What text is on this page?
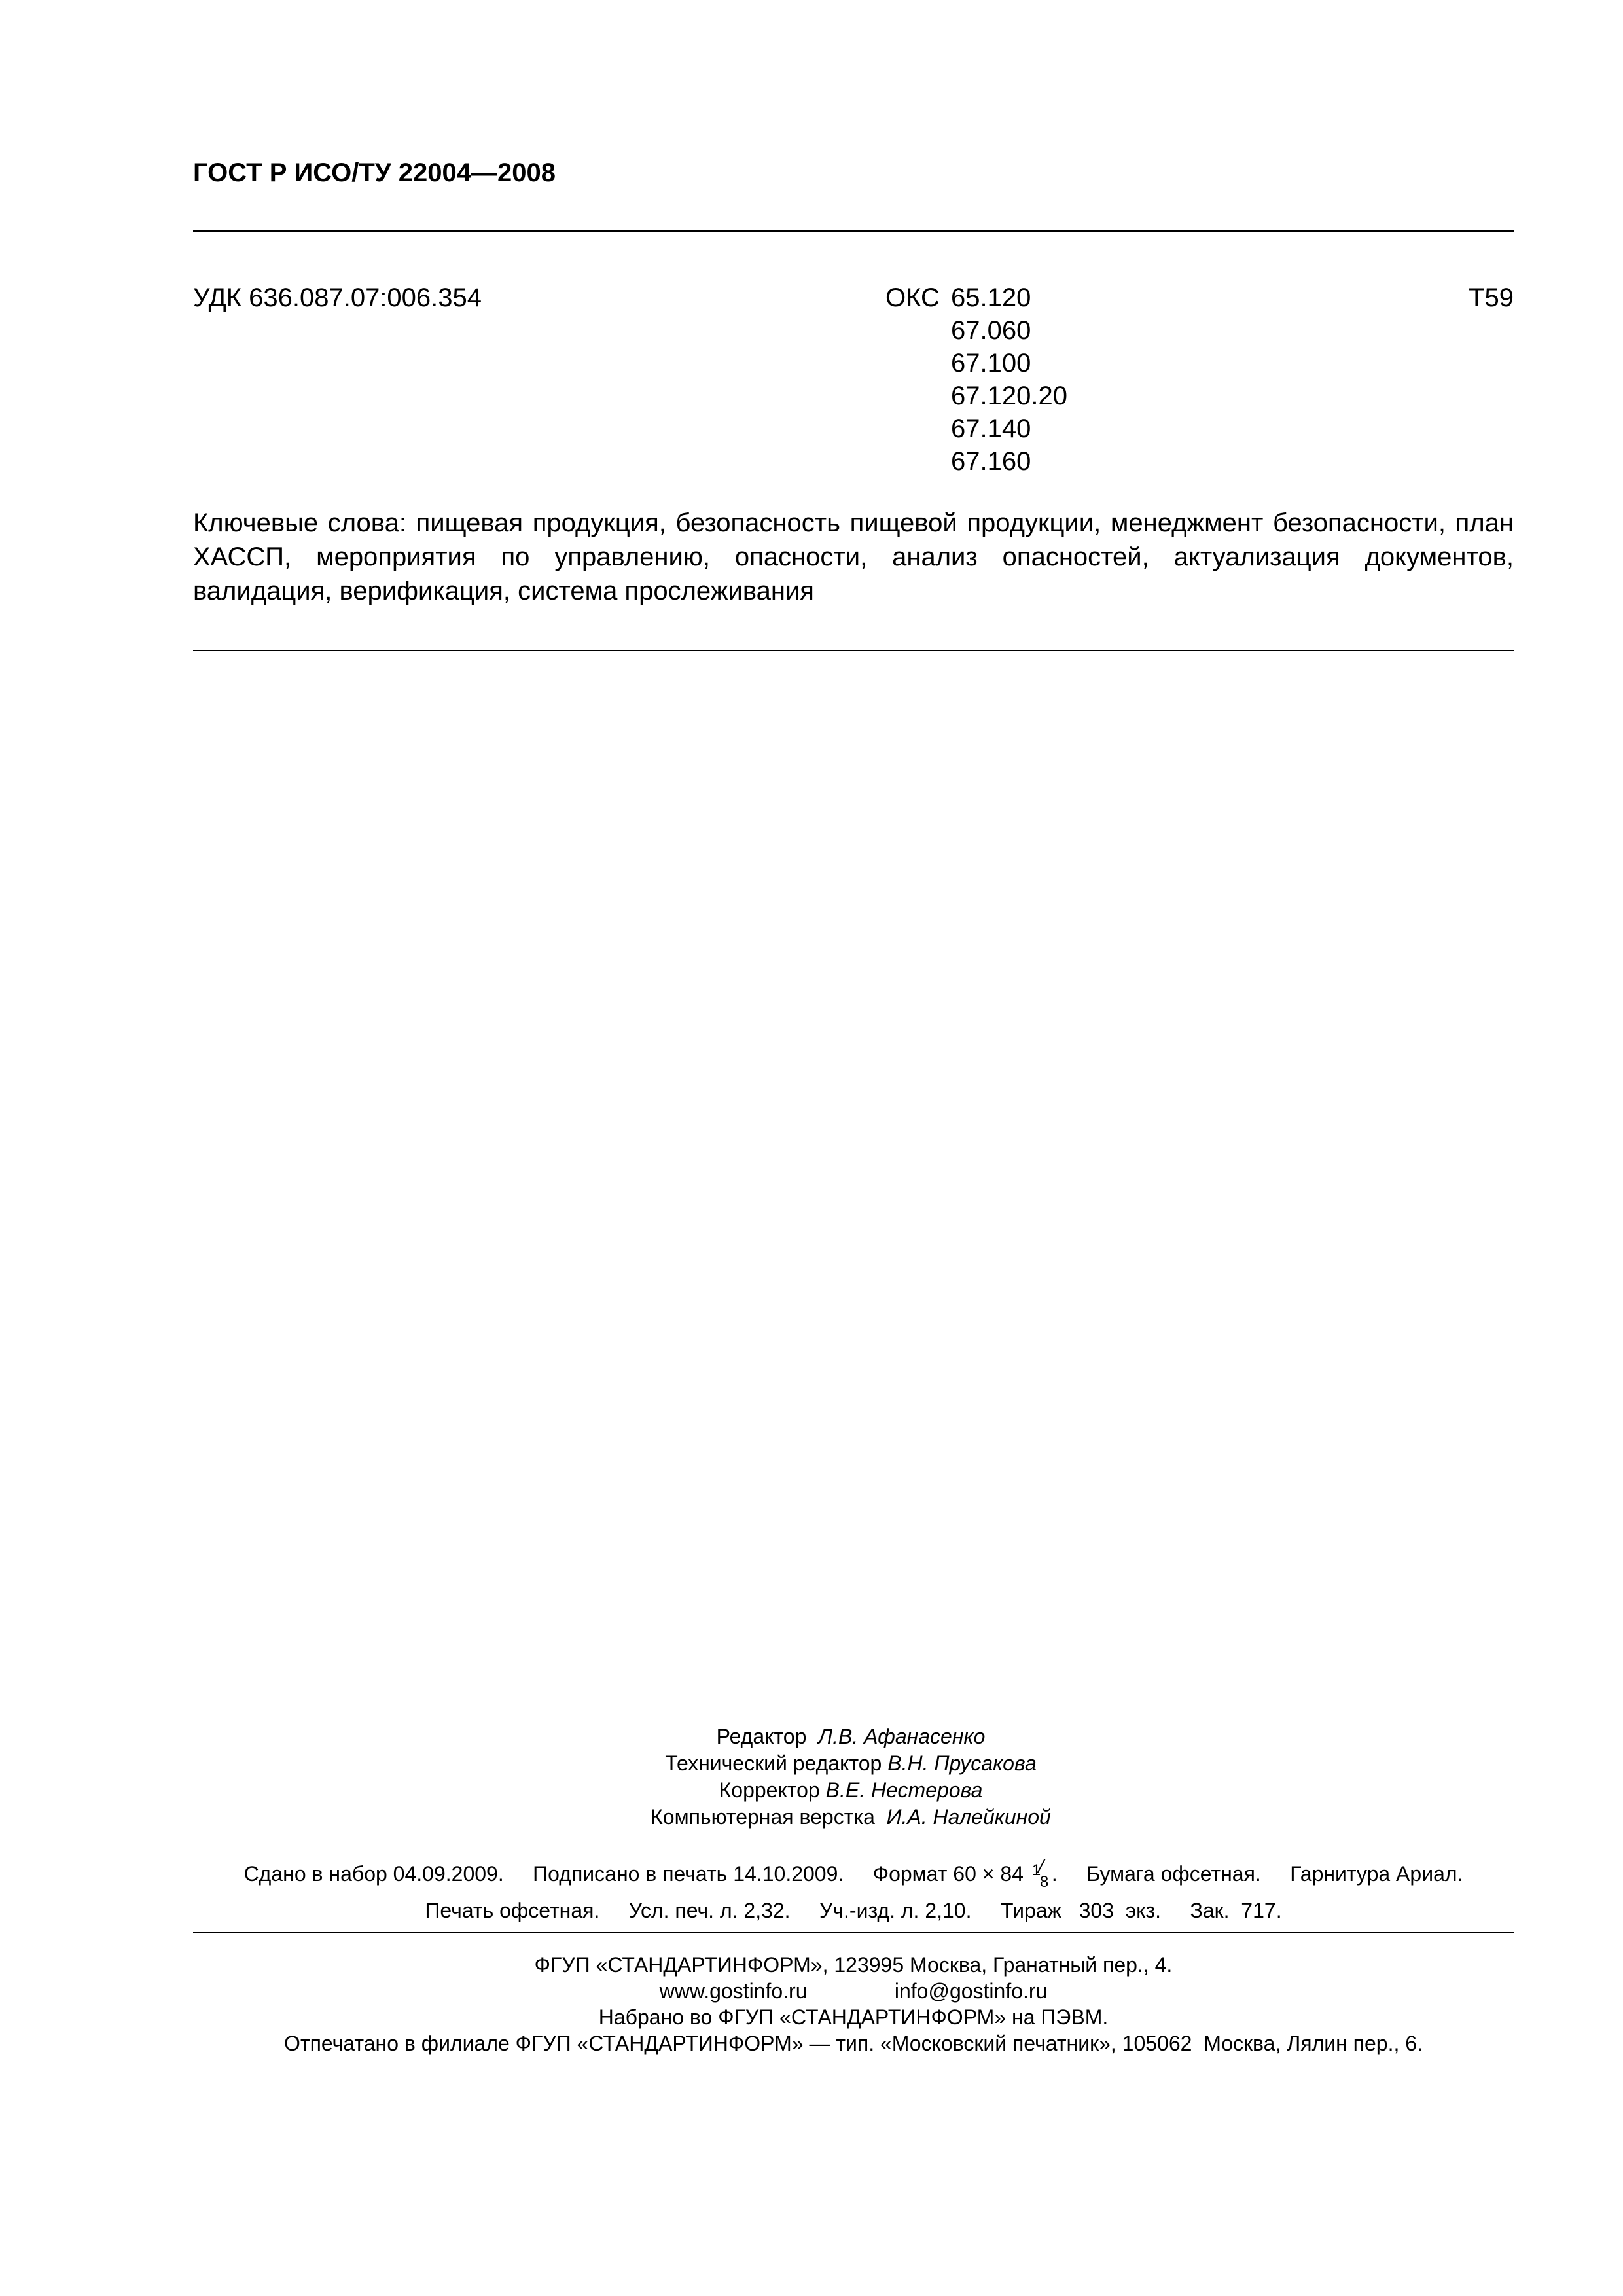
ГОСТ Р ИСО/ТУ 22004—2008
УДК 636.087.07:006.354	ОКС 65.120
67.060
67.100
67.120.20
67.140
67.160
Т59
Ключевые слова: пищевая продукция, безопасность пищевой продукции, менеджмент безопасности, план ХАССП, мероприятия по управлению, опасности, анализ опасностей, актуализация документов, валидация, верификация, система прослеживания
Редактор Л.В. Афанасенко
Технический редактор В.Н. Прусакова
Корректор В.Е. Нестерова
Компьютерная верстка И.А. Налейкиной
Сдано в набор 04.09.2009.     Подписано в печать 14.10.2009.     Формат 60 × 84 1
8 .     Бумага офсетная.     Гарнитура Ариал.
Печать офсетная.     Усл. печ. л. 2,32.     Уч.-изд. л. 2,10.     Тираж   303  экз.     Зак.  717.
ФГУП «СТАНДАРТИНФОРМ», 123995 Москва, Гранатный пер., 4.
www.gostinfo.ru	info@gostinfo.ru
Набрано во ФГУП «СТАНДАРТИНФОРМ» на ПЭВМ.
Отпечатано в филиале ФГУП «СТАНДАРТИНФОРМ» — тип. «Московский печатник», 105062  Москва, Лялин пер., 6.
